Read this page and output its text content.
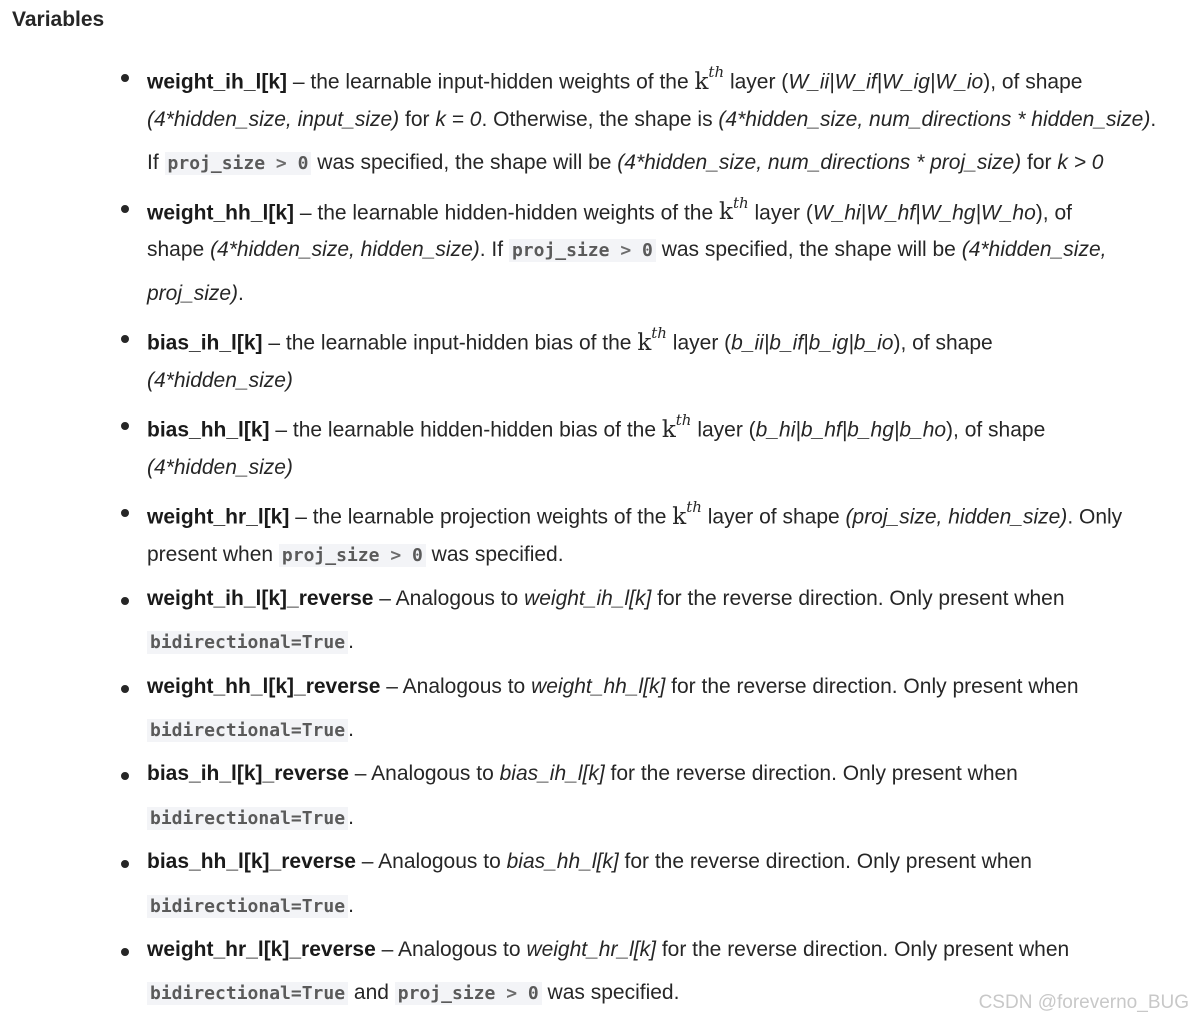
Variables
weight_ih_l[k] – the learnable input-hidden weights of the $k^{th}$ layer (W_ii|W_if|W_ig|W_io), of shape
(4*hidden_size, input_size) for k = 0. Otherwise, the shape is (4*hidden_size, num_directions * hidden_size).
If proj_size > 0 was specified, the shape will be (4*hidden_size, num_directions * proj_size) for k > 0
weight_hh_l[k] – the learnable hidden-hidden weights of the $k^{th}$ layer (W_hi|W_hf|W_hg|W_ho), of
shape (4*hidden_size, hidden_size). If proj_size > 0 was specified, the shape will be (4*hidden_size,
proj_size).
bias_ih_l[k] – the learnable input-hidden bias of the $k^{th}$ layer (b_ii|b_if|b_ig|b_io), of shape
(4*hidden_size)
bias_hh_l[k] – the learnable hidden-hidden bias of the $k^{th}$ layer (b_hi|b_hf|b_hg|b_ho), of shape
(4*hidden_size)
weight_hr_l[k] – the learnable projection weights of the $k^{th}$ layer of shape (proj_size, hidden_size). Only
present when proj_size > 0 was specified.
weight_ih_l[k]_reverse – Analogous to weight_ih_l[k] for the reverse direction. Only present when
bidirectional=True .
weight_hh_l[k]_reverse – Analogous to weight_hh_l[k] for the reverse direction. Only present when
bidirectional=True .
bias_ih_l[k]_reverse – Analogous to bias_ih_l[k] for the reverse direction. Only present when
bidirectional=True .
bias_hh_l[k]_reverse – Analogous to bias_hh_l[k] for the reverse direction. Only present when
bidirectional=True .
weight_hr_l[k]_reverse – Analogous to weight_hr_l[k] for the reverse direction. Only present when
bidirectional=True and proj_size > 0 was specified.	CSDN @foreverno_BUG
